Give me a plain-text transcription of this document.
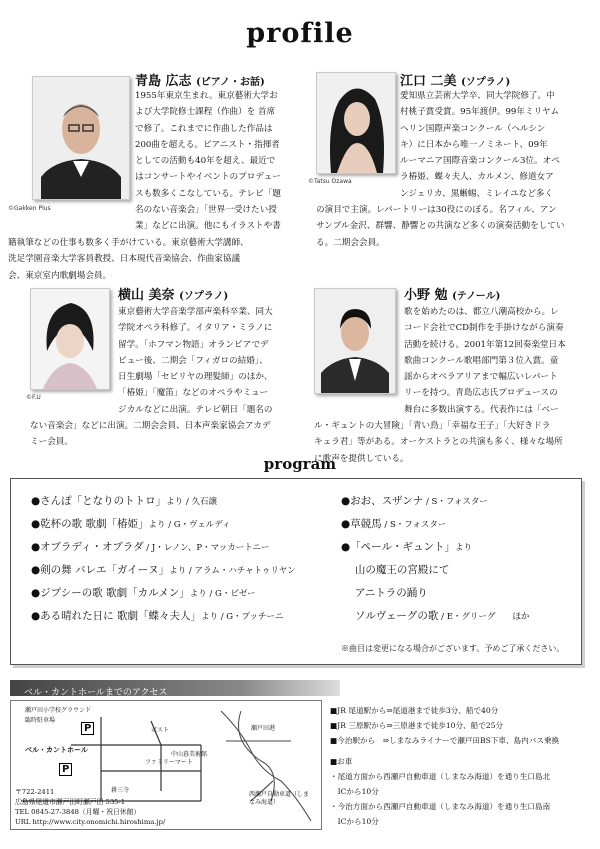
profile
©Gakken Plus
青島 広志 (ピアノ・お話)
1955年東京生まれ。東京藝術大学お
よび大学院修士課程（作曲）を 首席
で修了。これまでに作曲した作品は
200曲を超える。ピアニスト・指揮者
としての活動も40年を超え、最近で
はコンサートやイベントのプロデュー
スも数多くこなしている。テレビ「題
名のない音楽会」「世界一受けたい授
業」などに出演。他にもイラストや書
籍執筆などの仕事も数多く手がけている。東京藝術大学講師、
洗足学園音楽大学客員教授、日本現代音楽協会、作曲家協議
会、東京室内歌劇場会員。
©Tatsu Ozawa
江口 二美 (ソプラノ)
愛知県立芸術大学卒、同大学院修了。中
村桃子賞受賞。95年渡伊。99年ミリヤム
ヘリン国際声楽コンクール（ヘルシン
キ）に日本から唯一ノミネート、09年
ルーマニア国際音楽コンクール3位。オペ
ラ椿姫、蝶々夫人、カルメン、修道女ア
ンジェリカ、黒蜥蜴、ミレイユなど多く
の演目で主演。レパートリーは30役にのぼる。名フィル、アン
サンブル金沢、群響、静響との共演など多くの演奏活動をしてい
る。二期会会員。
©F.U
横山 美奈 (ソプラノ)
東京藝術大学音楽学部声楽科卒業、同大
学院オペラ科修了。イタリア・ミラノに
留学。「ホフマン物語」オランピアでデ
ビュー後、二期会「フィガロの結婚」、
日生劇場「セビリヤの理髪師」のほか、
「椿姫」「魔笛」などのオペラやミュー
ジカルなどに出演。テレビ朝日「題名の
ない音楽会」などに出演。二期会会員、日本声楽家協会アカデ
ミー会員。
小野 勉 (テノール)
歌を始めたのは、都立八潮高校から。レ
コード会社でCD制作を手掛けながら演奏
活動を続ける。2001年第12回奏楽堂日本
歌曲コンクール歌唱部門第３位入賞。童
謡からオペラアリアまで幅広いレパート
リーを持つ。青島広志氏プロデュースの
舞台に多数出演する。代表作には「ペー
ル・ギュントの大冒険」「青い鳥」「幸福な王子」「大好きドラ
キュラ君」等がある。オーケストラとの共演も多く、様々な場所
に歌声を提供している。
program
●さんぽ「となりのトトロ」より / 久石譲
●乾杯の歌 歌劇「椿姫」より / G・ヴェルディ
●オブラディ・オブラダ / J・レノン、P・マッカートニー
●剣の舞 バレエ「ガイーヌ」より / アラム・ハチャトゥリヤン
●ジプシーの歌 歌劇「カルメン」より / G・ビゼー
●ある晴れた日に 歌劇「蝶々夫人」より / G・プッチーニ
●おお、スザンナ / S・フォスター
●草競馬 / S・フォスター
●「ペール・ギュント」より
　 山の魔王の宮殿にて
　 アニトラの踊り
　 ソルヴェーグの歌 / E・グリーグ　　ほか
※曲目は変更になる場合がございます。予めご了承ください。
ベル・カントホールまでのアクセス
瀬戸田小学校グラウンド
臨時駐車場
P	ポスト
中山暮美術館
ベル・カントホール
ファミリーマート
P
耕三寺
瀬戸田港
西瀬戸自動車道（しまなみ海道）
〒722-2411
広島県尾道市瀬戸田町瀬戸田 535-1
TEL 0845-27-3848（月曜・祝日休館）
URL http://www.city.onomichi.hiroshima.jp/
■JR 尾道駅から⇒尾道港まで徒歩3分、船で40分
■JR 三原駅から⇒三原港まで徒歩10分、船で25分
■今治駅から　⇒しまなみライナーで瀬戸田BS下車、島内バス乗換
■お車
・尾道方面から西瀬戸自動車道（しまなみ海道）を通り生口島北
　ICから10分
・今治方面から西瀬戸自動車道（しまなみ海道）を通り生口島南
　ICから10分
